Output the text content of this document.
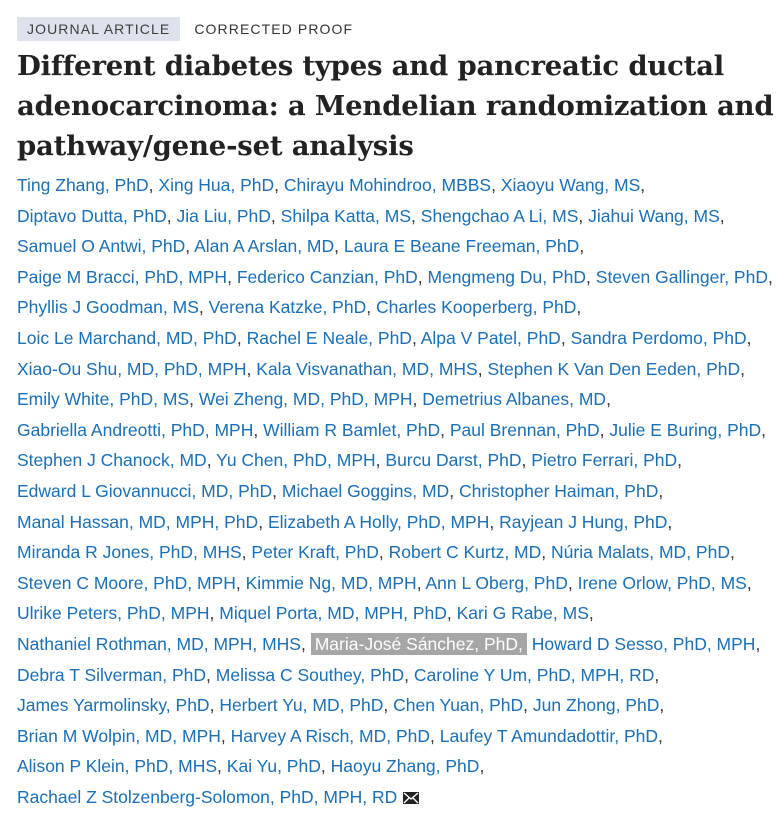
JOURNAL ARTICLE	CORRECTED PROOF
Different diabetes types and pancreatic ductal adenocarcinoma: a Mendelian randomization and pathway/gene-set analysis
Ting Zhang, PhD, Xing Hua, PhD, Chirayu Mohindroo, MBBS, Xiaoyu Wang, MS, Diptavo Dutta, PhD, Jia Liu, PhD, Shilpa Katta, MS, Shengchao A Li, MS, Jiahui Wang, MS, Samuel O Antwi, PhD, Alan A Arslan, MD, Laura E Beane Freeman, PhD, Paige M Bracci, PhD, MPH, Federico Canzian, PhD, Mengmeng Du, PhD, Steven Gallinger, PhD, Phyllis J Goodman, MS, Verena Katzke, PhD, Charles Kooperberg, PhD, Loic Le Marchand, MD, PhD, Rachel E Neale, PhD, Alpa V Patel, PhD, Sandra Perdomo, PhD, Xiao-Ou Shu, MD, PhD, MPH, Kala Visvanathan, MD, MHS, Stephen K Van Den Eeden, PhD, Emily White, PhD, MS, Wei Zheng, MD, PhD, MPH, Demetrius Albanes, MD, Gabriella Andreotti, PhD, MPH, William R Bamlet, PhD, Paul Brennan, PhD, Julie E Buring, PhD, Stephen J Chanock, MD, Yu Chen, PhD, MPH, Burcu Darst, PhD, Pietro Ferrari, PhD, Edward L Giovannucci, MD, PhD, Michael Goggins, MD, Christopher Haiman, PhD, Manal Hassan, MD, MPH, PhD, Elizabeth A Holly, PhD, MPH, Rayjean J Hung, PhD, Miranda R Jones, PhD, MHS, Peter Kraft, PhD, Robert C Kurtz, MD, Núria Malats, MD, PhD, Steven C Moore, PhD, MPH, Kimmie Ng, MD, MPH, Ann L Oberg, PhD, Irene Orlow, PhD, MS, Ulrike Peters, PhD, MPH, Miquel Porta, MD, MPH, PhD, Kari G Rabe, MS, Nathaniel Rothman, MD, MPH, MHS, Maria-José Sánchez, PhD, Howard D Sesso, PhD, MPH, Debra T Silverman, PhD, Melissa C Southey, PhD, Caroline Y Um, PhD, MPH, RD, James Yarmolinsky, PhD, Herbert Yu, MD, PhD, Chen Yuan, PhD, Jun Zhong, PhD, Brian M Wolpin, MD, MPH, Harvey A Risch, MD, PhD, Laufey T Amundadottir, PhD, Alison P Klein, PhD, MHS, Kai Yu, PhD, Haoyu Zhang, PhD, Rachael Z Stolzenberg-Solomon, PhD, MPH, RD
